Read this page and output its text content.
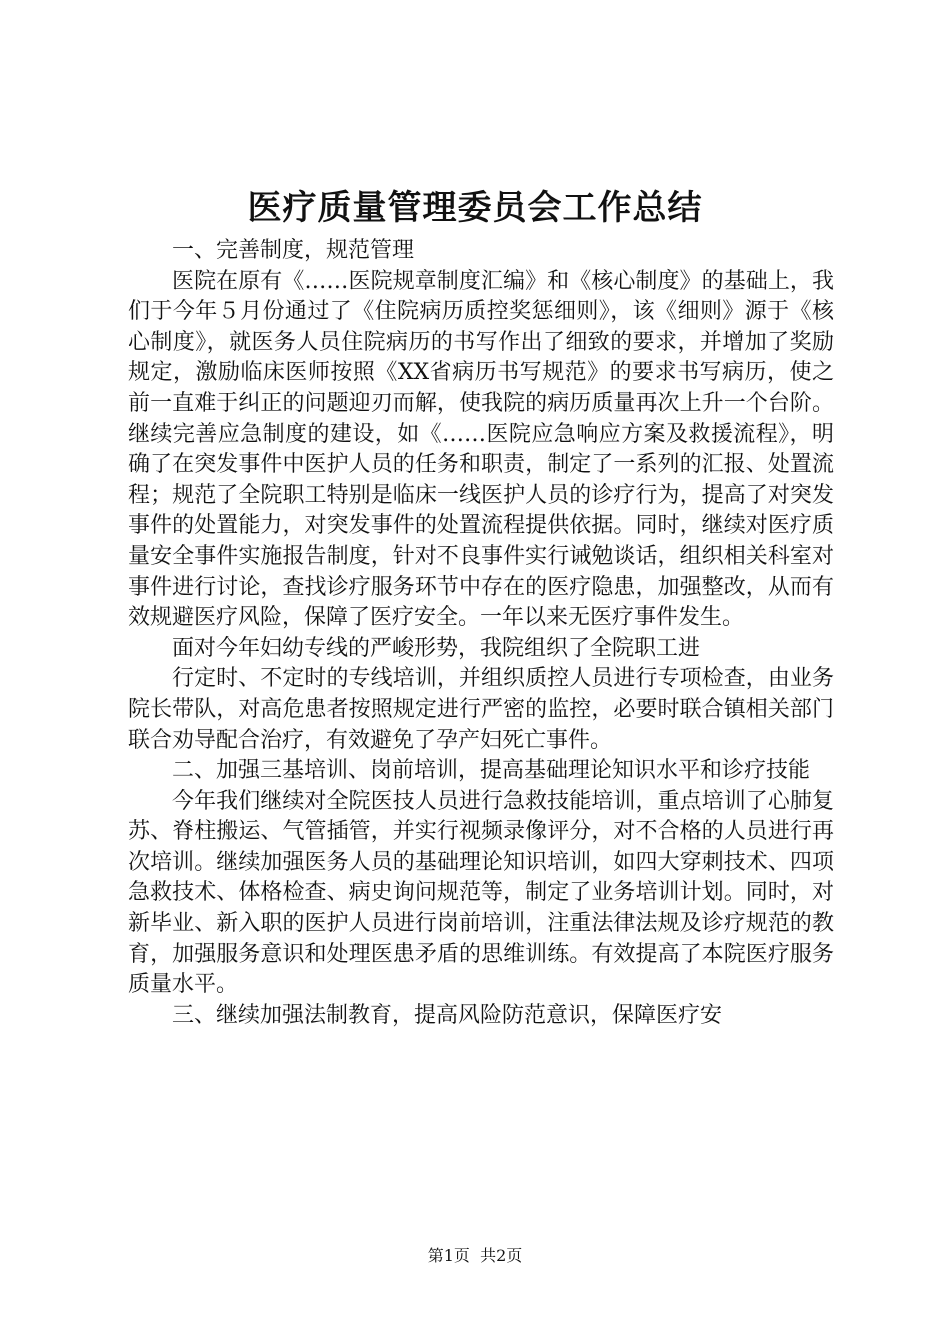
医疗质量管理委员会工作总结

一、完善制度，规范管理

医院在原有《……医院规章制度汇编》和《核心制度》的基础上，我们于今年５月份通过了《住院病历质控奖惩细则》，该《细则》源于《核心制度》，就医务人员住院病历的书写作出了细致的要求，并增加了奖励规定，激励临床医师按照《XX省病历书写规范》的要求书写病历，使之前一直难于纠正的问题迎刃而解，使我院的病历质量再次上升一个台阶。继续完善应急制度的建设，如《……医院应急响应方案及救援流程》，明确了在突发事件中医护人员的任务和职责，制定了一系列的汇报、处置流程；规范了全院职工特别是临床一线医护人员的诊疗行为，提高了对突发事件的处置能力，对突发事件的处置流程提供依据。同时，继续对医疗质量安全事件实施报告制度，针对不良事件实行诫勉谈话，组织相关科室对事件进行讨论，查找诊疗服务环节中存在的医疗隐患，加强整改，从而有效规避医疗风险，保障了医疗安全。一年以来无医疗事件发生。

面对今年妇幼专线的严峻形势，我院组织了全院职工进

行定时、不定时的专线培训，并组织质控人员进行专项检查，由业务院长带队，对高危患者按照规定进行严密的监控，必要时联合镇相关部门联合劝导配合治疗，有效避免了孕产妇死亡事件。

二、加强三基培训、岗前培训，提高基础理论知识水平和诊疗技能

今年我们继续对全院医技人员进行急救技能培训，重点培训了心肺复苏、脊柱搬运、气管插管，并实行视频录像评分，对不合格的人员进行再次培训。继续加强医务人员的基础理论知识培训，如四大穿刺技术、四项急救技术、体格检查、病史询问规范等，制定了业务培训计划。同时，对新毕业、新入职的医护人员进行岗前培训，注重法律法规及诊疗规范的教育，加强服务意识和处理医患矛盾的思维训练。有效提高了本院医疗服务质量水平。

三、继续加强法制教育，提高风险防范意识，保障医疗安

第1页 共2页
